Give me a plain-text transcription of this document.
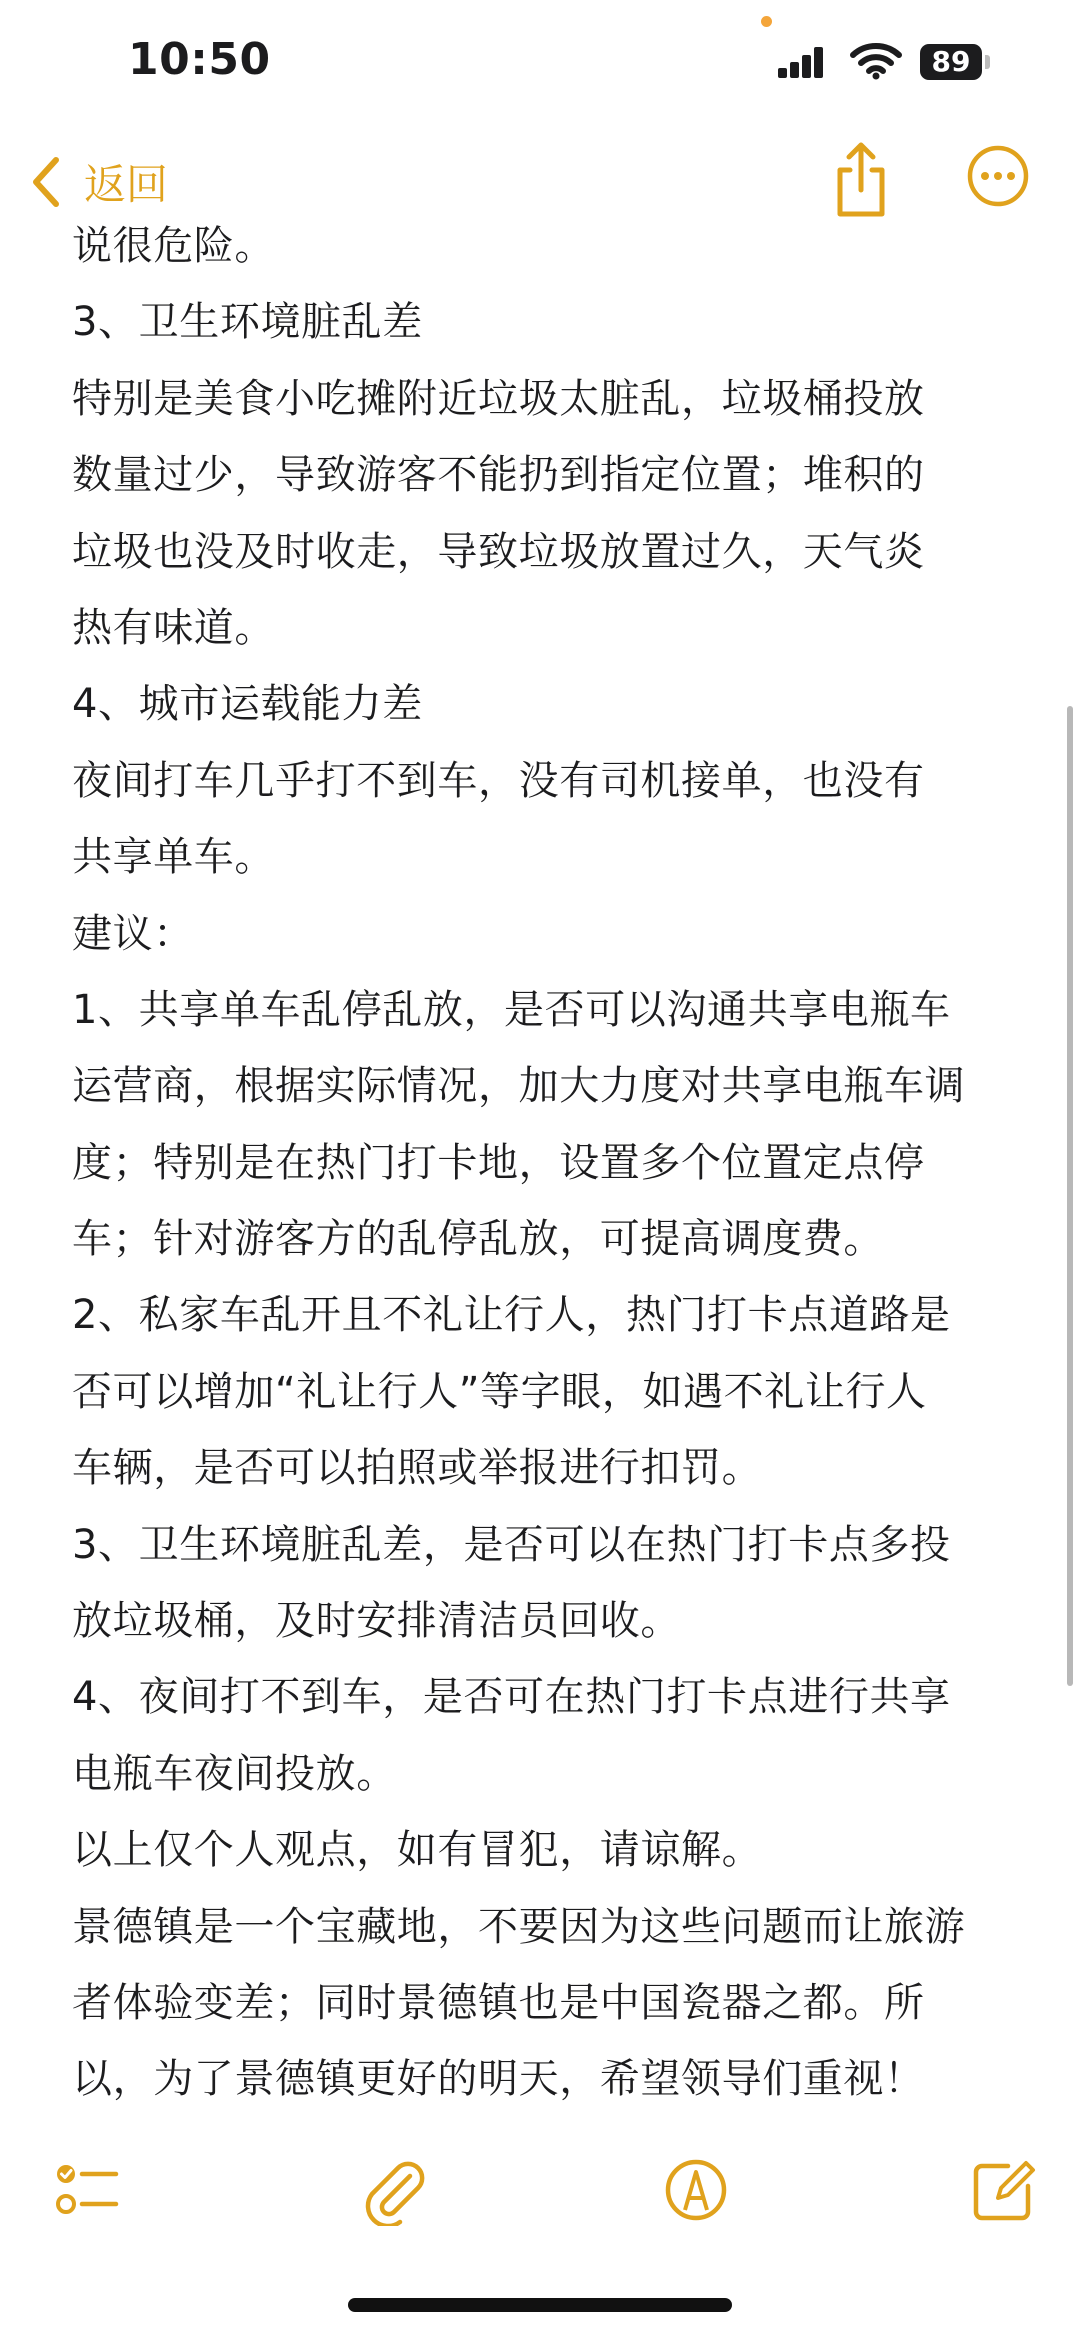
10:50	89
返回
说很危险。
3、卫生环境脏乱差
特别是美食小吃摊附近垃圾太脏乱，垃圾桶投放
数量过少，导致游客不能扔到指定位置；堆积的
垃圾也没及时收走，导致垃圾放置过久，天气炎
热有味道。
4、城市运载能力差
夜间打车几乎打不到车，没有司机接单，也没有
共享单车。
建议：
1、共享单车乱停乱放，是否可以沟通共享电瓶车
运营商，根据实际情况，加大力度对共享电瓶车调
度；特别是在热门打卡地，设置多个位置定点停
车；针对游客方的乱停乱放，可提高调度费。
2、私家车乱开且不礼让行人，热门打卡点道路是
否可以增加“礼让行人”等字眼，如遇不礼让行人
车辆，是否可以拍照或举报进行扣罚。
3、卫生环境脏乱差，是否可以在热门打卡点多投
放垃圾桶，及时安排清洁员回收。
4、夜间打不到车，是否可在热门打卡点进行共享
电瓶车夜间投放。
以上仅个人观点，如有冒犯，请谅解。
景德镇是一个宝藏地，不要因为这些问题而让旅游
者体验变差；同时景德镇也是中国瓷器之都。所
以，为了景德镇更好的明天，希望领导们重视！
